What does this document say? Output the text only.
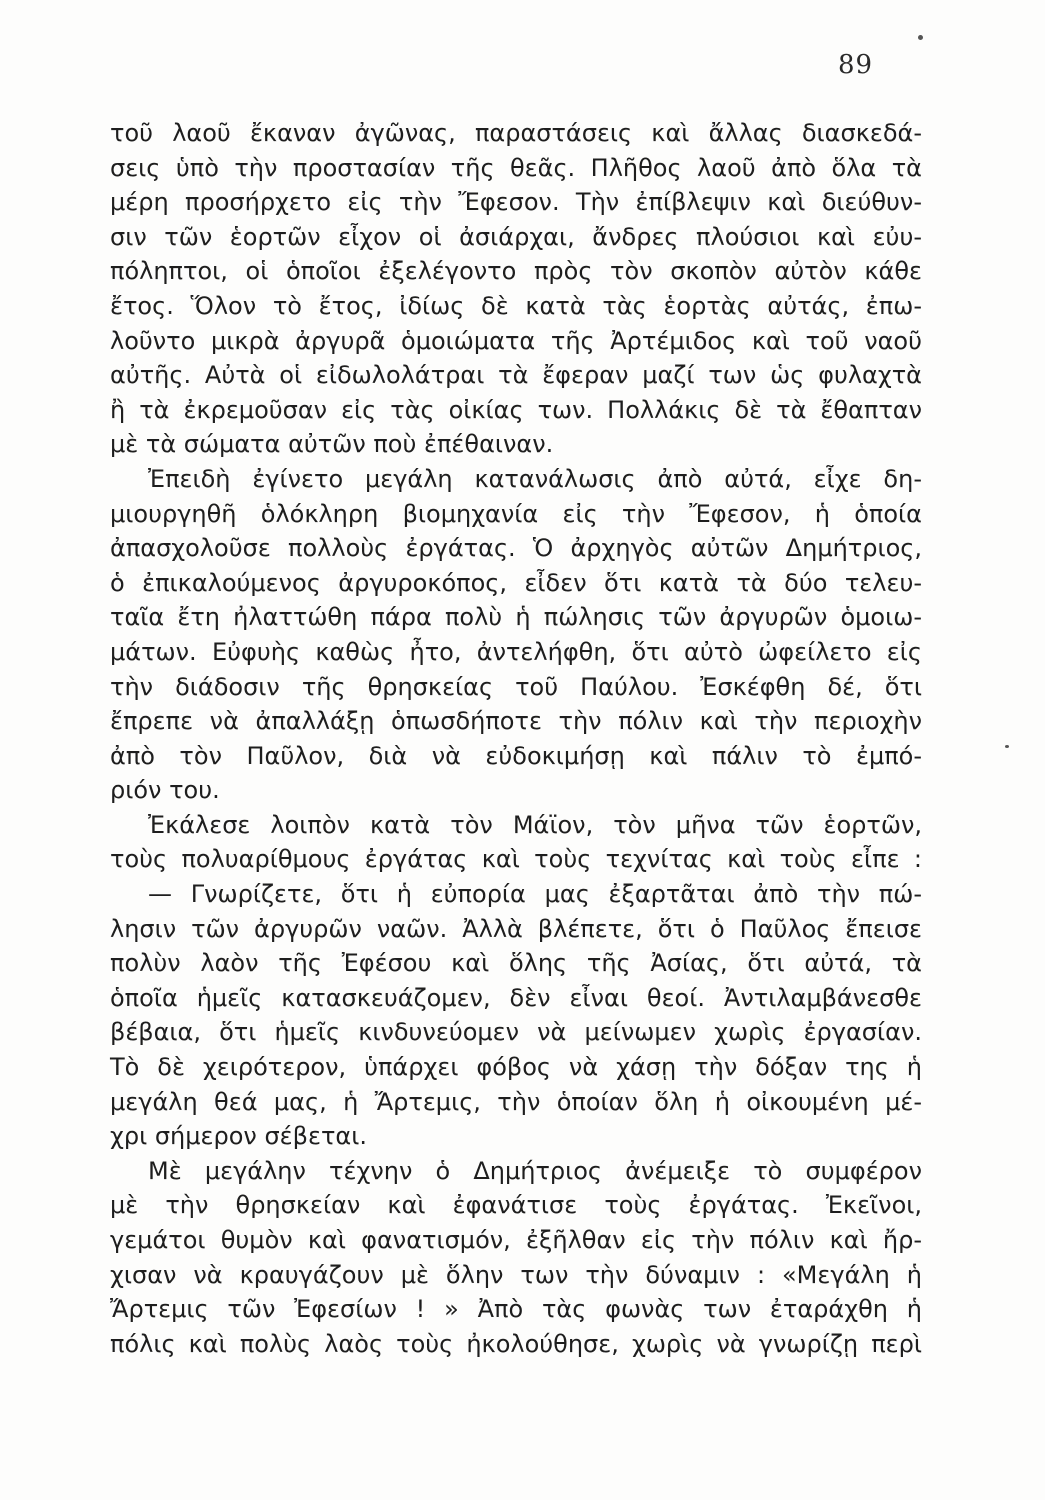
89
τοῦ λαοῦ ἔκαναν ἀγῶνας, παραστάσεις καὶ ἄλλας διασκεδά-
σεις ὑπὸ τὴν προστασίαν τῆς θεᾶς. Πλῆθος λαοῦ ἀπὸ ὅλα τὰ
μέρη προσήρχετο εἰς τὴν Ἔφεσον. Τὴν ἐπίβλεψιν καὶ διεύθυν-
σιν τῶν ἑορτῶν εἶχον οἱ ἀσιάρχαι, ἄνδρες πλούσιοι καὶ εὐυ-
πόληπτοι, οἱ ὁποῖοι ἐξελέγοντο πρὸς τὸν σκοπὸν αὐτὸν κάθε
ἔτος. Ὅλον τὸ ἔτος, ἰδίως δὲ κατὰ τὰς ἑορτὰς αὐτάς, ἐπω-
λοῦντο μικρὰ ἀργυρᾶ ὁμοιώματα τῆς Ἀρτέμιδος καὶ τοῦ ναοῦ
αὐτῆς. Αὐτὰ οἱ εἰδωλολάτραι τὰ ἔφεραν μαζί των ὡς φυλαχτὰ
ἢ τὰ ἐκρεμοῦσαν εἰς τὰς οἰκίας των. Πολλάκις δὲ τὰ ἔθαπταν
μὲ τὰ σώματα αὐτῶν ποὺ ἐπέθαιναν.
Ἐπειδὴ ἐγίνετο μεγάλη κατανάλωσις ἀπὸ αὐτά, εἶχε δη-
μιουργηθῆ ὁλόκληρη βιομηχανία εἰς τὴν Ἔφεσον, ἡ ὁποία
ἀπασχολοῦσε πολλοὺς ἐργάτας. Ὁ ἀρχηγὸς αὐτῶν Δημήτριος,
ὁ ἐπικαλούμενος ἀργυροκόπος, εἶδεν ὅτι κατὰ τὰ δύο τελευ-
ταῖα ἔτη ἠλαττώθη πάρα πολὺ ἡ πώλησις τῶν ἀργυρῶν ὁμοιω-
μάτων. Εὐφυὴς καθὼς ἦτο, ἀντελήφθη, ὅτι αὐτὸ ὠφείλετο εἰς
τὴν διάδοσιν τῆς θρησκείας τοῦ Παύλου. Ἐσκέφθη δέ, ὅτι
ἔπρεπε νὰ ἀπαλλάξῃ ὁπωσδήποτε τὴν πόλιν καὶ τὴν περιοχὴν
ἀπὸ τὸν Παῦλον, διὰ νὰ εὐδοκιμήσῃ καὶ πάλιν τὸ ἐμπό-
ριόν του.
Ἐκάλεσε λοιπὸν κατὰ τὸν Μάϊον, τὸν μῆνα τῶν ἑορτῶν,
τοὺς πολυαρίθμους ἐργάτας καὶ τοὺς τεχνίτας καὶ τοὺς εἶπε :
— Γνωρίζετε, ὅτι ἡ εὐπορία μας ἐξαρτᾶται ἀπὸ τὴν πώ-
λησιν τῶν ἀργυρῶν ναῶν. Ἀλλὰ βλέπετε, ὅτι ὁ Παῦλος ἔπεισε
πολὺν λαὸν τῆς Ἐφέσου καὶ ὅλης τῆς Ἀσίας, ὅτι αὐτά, τὰ
ὁποῖα ἡμεῖς κατασκευάζομεν, δὲν εἶναι θεοί. Ἀντιλαμβάνεσθε
βέβαια, ὅτι ἡμεῖς κινδυνεύομεν νὰ μείνωμεν χωρὶς ἐργασίαν.
Τὸ δὲ χειρότερον, ὑπάρχει φόβος νὰ χάσῃ τὴν δόξαν της ἡ
μεγάλη θεά μας, ἡ Ἄρτεμις, τὴν ὁποίαν ὅλη ἡ οἰκουμένη μέ-
χρι σήμερον σέβεται.
Μὲ μεγάλην τέχνην ὁ Δημήτριος ἀνέμειξε τὸ συμφέρον
μὲ τὴν θρησκείαν καὶ ἐφανάτισε τοὺς ἐργάτας. Ἐκεῖνοι,
γεμάτοι θυμὸν καὶ φανατισμόν, ἐξῆλθαν εἰς τὴν πόλιν καὶ ἤρ-
χισαν νὰ κραυγάζουν μὲ ὅλην των τὴν δύναμιν : «Μεγάλη ἡ
Ἄρτεμις τῶν Ἐφεσίων ! » Ἀπὸ τὰς φωνὰς των ἐταράχθη ἡ
πόλις καὶ πολὺς λαὸς τοὺς ἠκολούθησε, χωρὶς νὰ γνωρίζῃ περὶ
